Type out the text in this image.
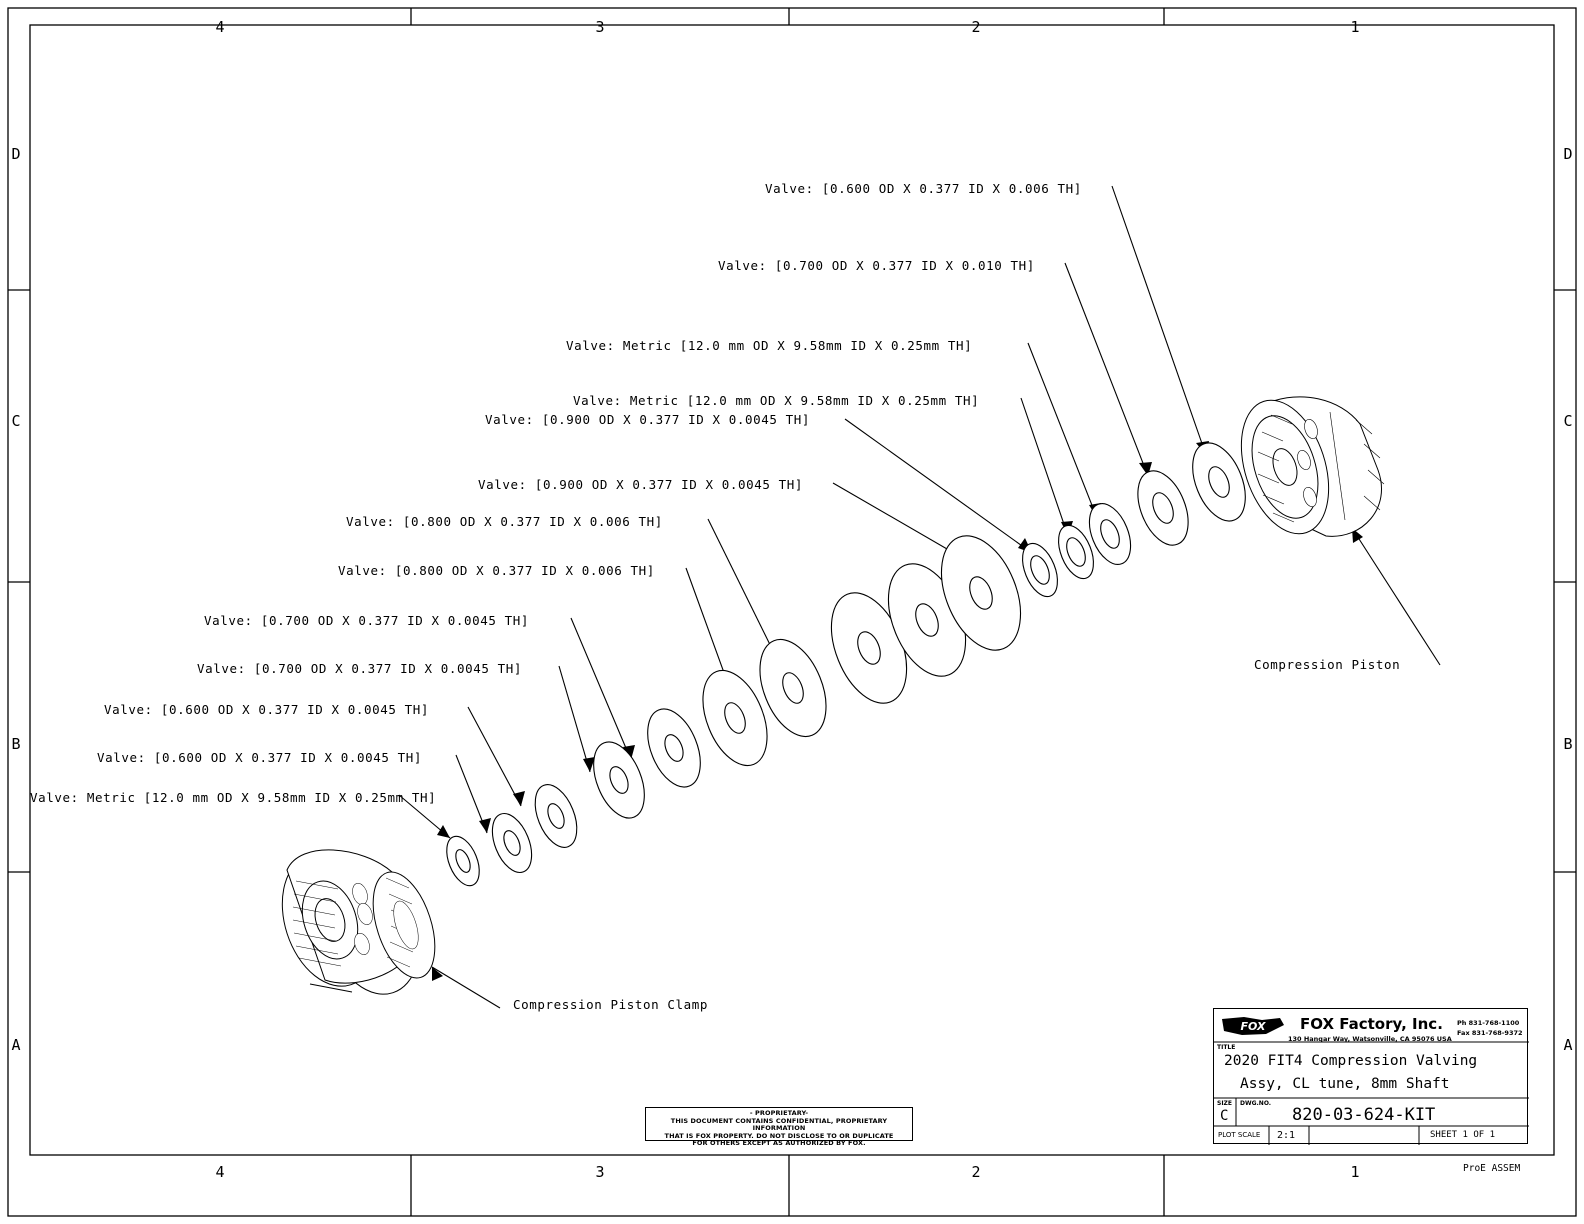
4	3	2	1
4	3	2	1
D
C
B
A
D
C
B
A
Valve: [0.600 OD X 0.377 ID X 0.006 TH]
Valve: [0.700 OD X 0.377 ID X 0.010 TH]
Valve: Metric [12.0 mm OD X 9.58mm ID X 0.25mm TH]
Valve: Metric [12.0 mm OD X 9.58mm ID X 0.25mm TH]
Valve: [0.900 OD X 0.377 ID X 0.0045 TH]
Valve: [0.900 OD X 0.377 ID X 0.0045 TH]
Valve: [0.800 OD X 0.377 ID X 0.006 TH]
Valve: [0.800 OD X 0.377 ID X 0.006 TH]
Valve: [0.700 OD X 0.377 ID X 0.0045 TH]
Valve: [0.700 OD X 0.377 ID X 0.0045 TH]
Valve: [0.600 OD X 0.377 ID X 0.0045 TH]
Valve: [0.600 OD X 0.377 ID X 0.0045 TH]
Valve: Metric [12.0 mm OD X 9.58mm ID X 0.25mm TH]
Compression Piston
Compression Piston Clamp
- PROPRIETARY-
THIS DOCUMENT CONTAINS CONFIDENTIAL, PROPRIETARY INFORMATION
THAT IS FOX PROPERTY. DO NOT DISCLOSE TO OR DUPLICATE
FOR OTHERS EXCEPT AS AUTHORIZED BY FOX.
FOX FOX Factory, Inc.
130 Hangar Way, Watsonville, CA 95076 USA
Ph 831-768-1100
Fax 831-768-9372
TITLE
2020 FIT4 Compression Valving
Assy, CL tune, 8mm Shaft
SIZE
C
DWG.NO.
820-03-624-KIT
PLOT SCALE 2:1	SHEET 1 OF 1
ProE ASSEM
